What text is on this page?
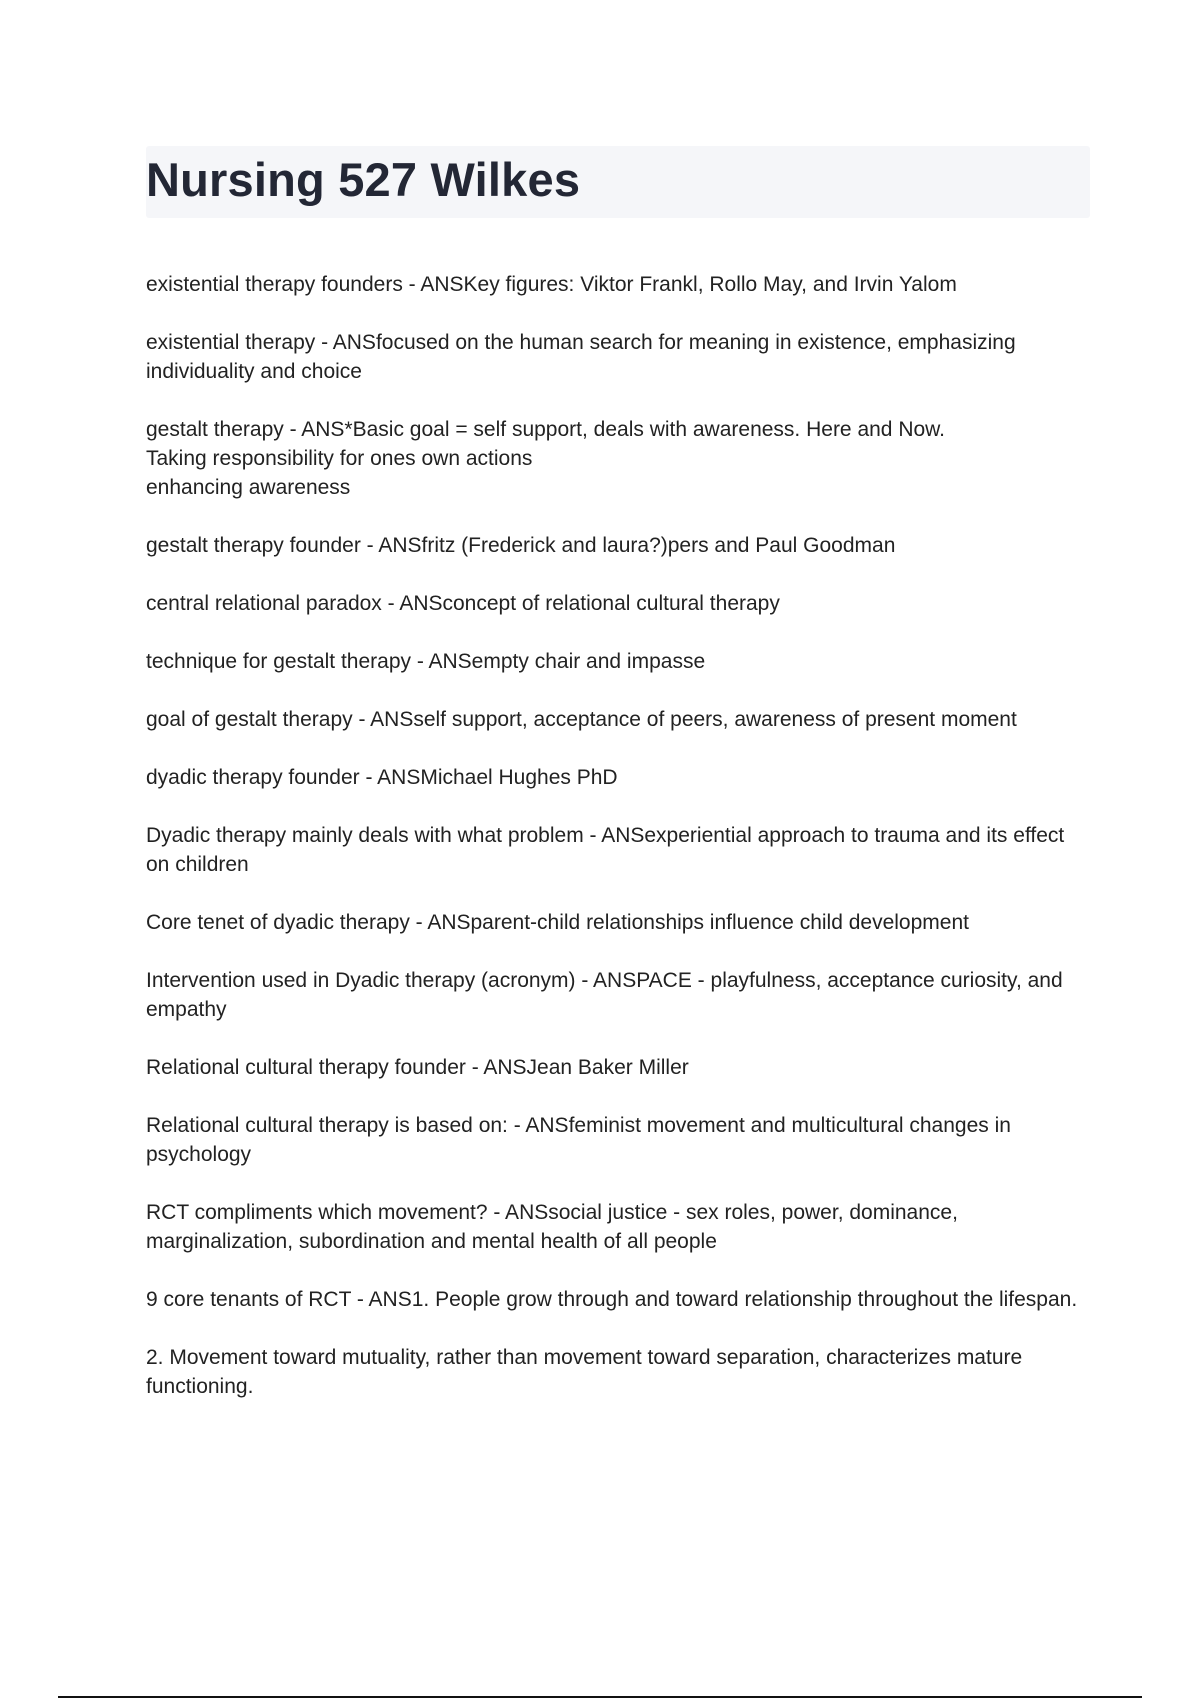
Nursing 527 Wilkes

existential therapy founders - ANSKey figures: Viktor Frankl, Rollo May, and Irvin Yalom

existential therapy - ANSfocused on the human search for meaning in existence, emphasizing individuality and choice

gestalt therapy - ANS*Basic goal = self support, deals with awareness. Here and Now.
Taking responsibility for ones own actions
enhancing awareness

gestalt therapy founder - ANSfritz (Frederick and laura?)pers and Paul Goodman

central relational paradox - ANSconcept of relational cultural therapy

technique for gestalt therapy - ANSempty chair and impasse

goal of gestalt therapy - ANSself support, acceptance of peers, awareness of present moment

dyadic therapy founder - ANSMichael Hughes PhD

Dyadic therapy mainly deals with what problem - ANSexperiential approach to trauma and its effect on children

Core tenet of dyadic therapy - ANSparent-child relationships influence child development

Intervention used in Dyadic therapy (acronym) - ANSPACE - playfulness, acceptance curiosity, and empathy

Relational cultural therapy founder - ANSJean Baker Miller

Relational cultural therapy is based on: - ANSfeminist movement and multicultural changes in psychology

RCT compliments which movement? - ANSsocial justice - sex roles, power, dominance, marginalization, subordination and mental health of all people

9 core tenants of RCT - ANS1. People grow through and toward relationship throughout the lifespan.

2. Movement toward mutuality, rather than movement toward separation, characterizes mature functioning.
